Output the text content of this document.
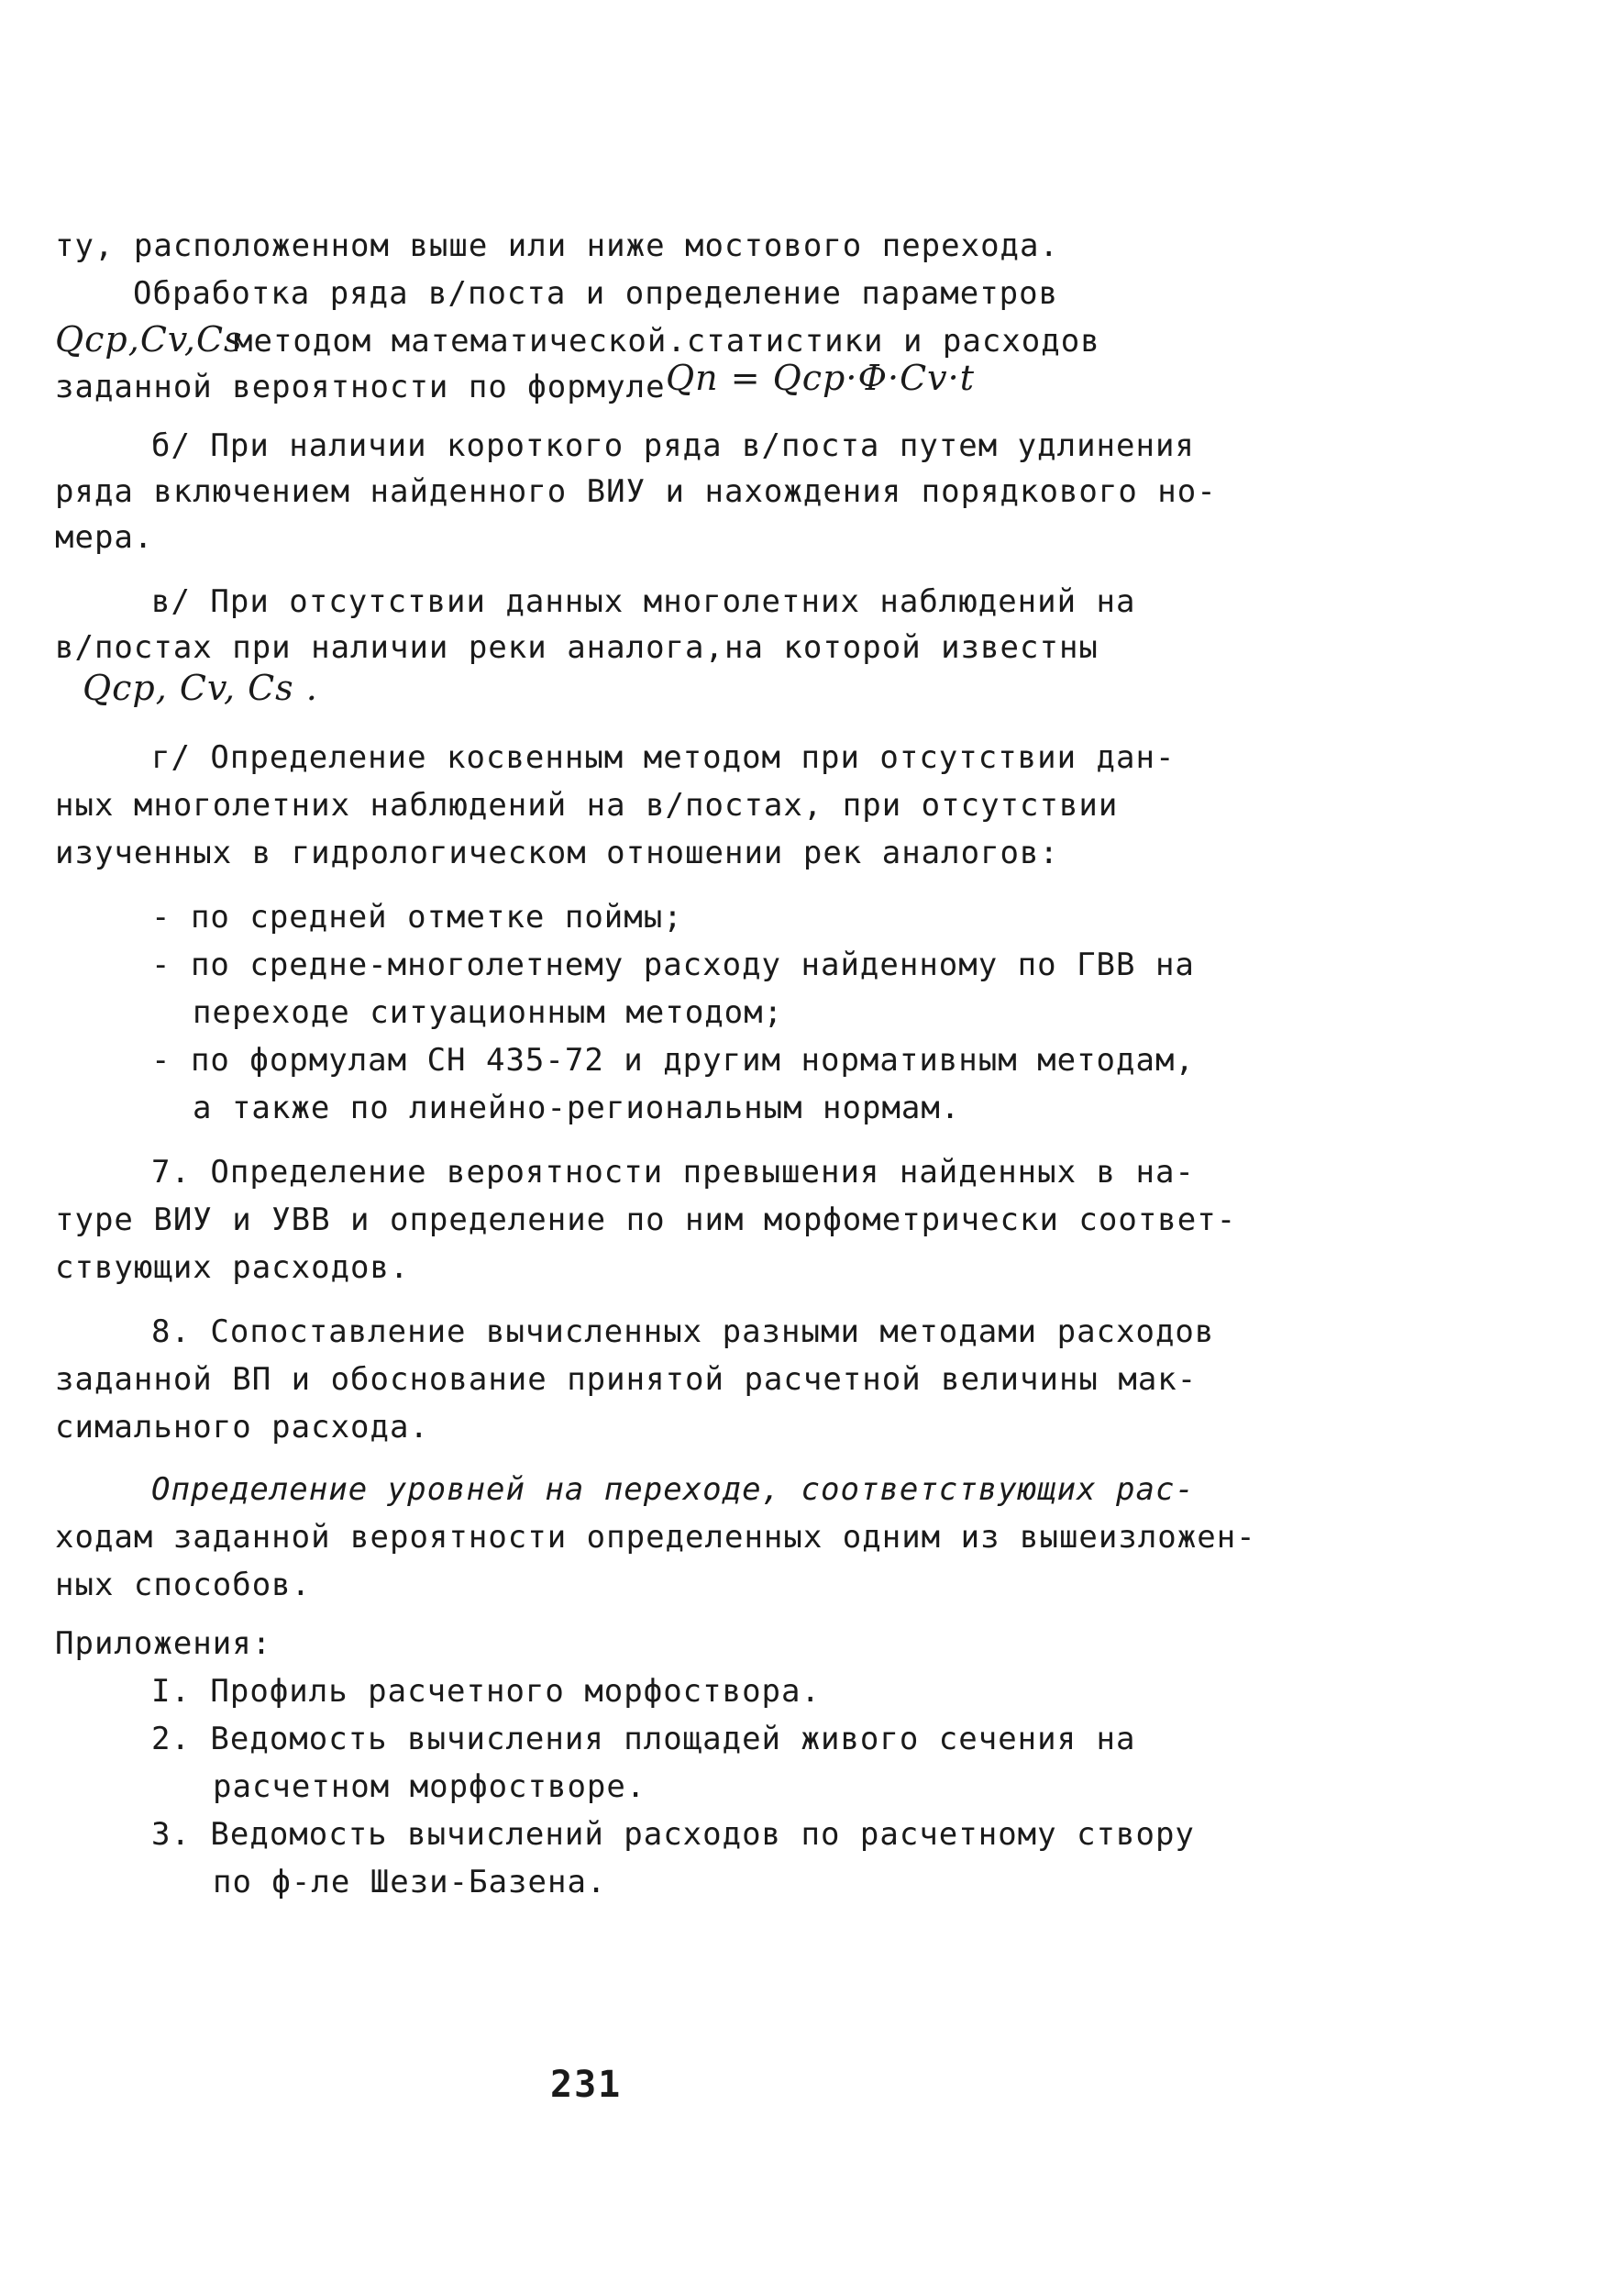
ту, расположенном выше или ниже мостового перехода.
Обработка ряда в/поста и определение параметров
Qср,Cv,Cs
методом математической.статистики и расходов
заданной вероятности по формуле Qп = Qср·Ф·Cv·t
б/ При наличии короткого ряда в/поста путем удлинения
ряда включением найденного ВИУ и нахождения порядкового но-
мера.
в/ При отсутствии данных многолетних наблюдений на
в/постах при наличии реки аналога,на которой известны
Qср, Cv, Cs .
г/ Определение косвенным методом при отсутствии дан-
ных многолетних наблюдений на в/постах, при отсутствии
изученных в гидрологическом отношении рек аналогов:
- по средней отметке поймы;
- по средне-многолетнему расходу найденному по ГВВ на
переходе ситуационным методом;
- по формулам СН 435-72 и другим нормативным методам,
а также по линейно-региональным нормам.
7. Определение вероятности превышения найденных в на-
туре ВИУ и УВВ и определение по ним морфометрически соответ-
ствующих расходов.
8. Сопоставление вычисленных разными методами расходов
заданной ВП и обоснование принятой расчетной величины мак-
симального расхода.
Определение уровней на переходе, соответствующих рас-
ходам заданной вероятности определенных одним из вышеизложен-
ных способов.
Приложения:
I. Профиль расчетного морфоствора.
2. Ведомость вычисления площадей живого сечения на
расчетном морфостворе.
3. Ведомость вычислений расходов по расчетному створу
по ф-ле Шези-Базена.
231
